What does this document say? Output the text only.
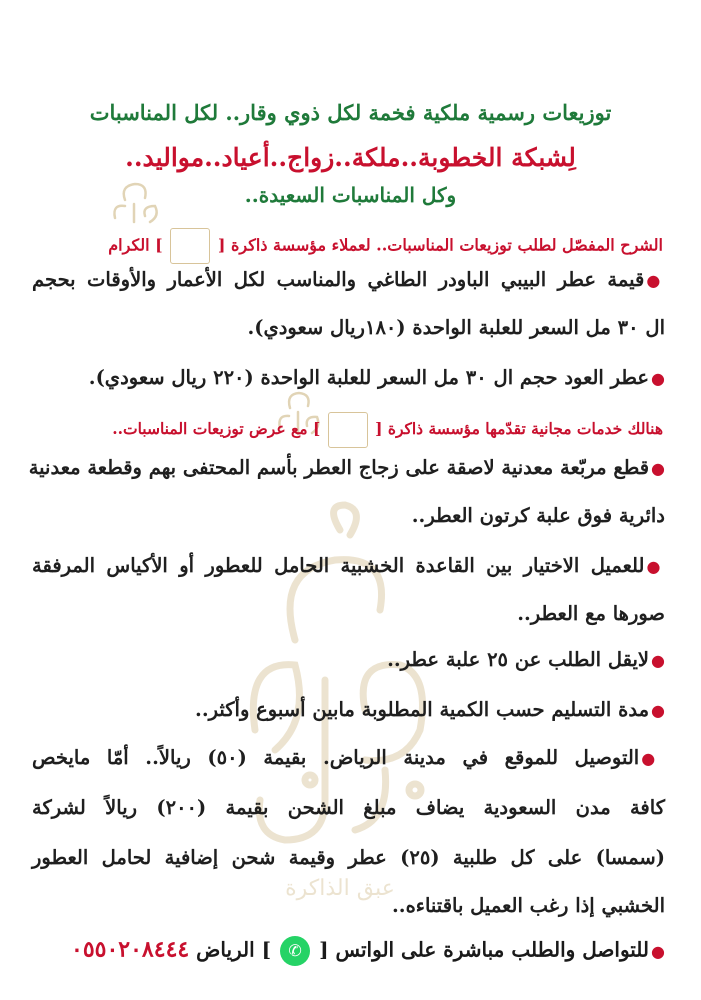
عبق الذاكرة
توزيعات رسمية ملكية فخمة لكل ذوي وقار.. لكل المناسبات
لِشبكة الخطوبة..ملكة..زواج..أعياد..مواليد..
وكل المناسبات السعيدة..
الشرح المفصّل لطلب توزيعات المناسبات.. لعملاء مؤسسة ذاكرة [  ] الكرام
●قيمة عطر البيبي الباودر الطاغي والمناسب لكل الأعمار والأوقات بحجم
ال ٣٠ مل السعر للعلبة الواحدة (١٨٠ريال سعودي).
●عطر العود حجم ال ٣٠ مل السعر للعلبة الواحدة (٢٢٠ ريال سعودي).
هنالك خدمات مجانية تقدّمها مؤسسة ذاكرة [  ] مع عرض توزيعات المناسبات..
●قطع مربّعة معدنية لاصقة على زجاج العطر بأسم المحتفى بهم وقطعة معدنية
دائرية فوق علبة كرتون العطر..
●للعميل الاختيار بين القاعدة الخشبية الحامل للعطور أو الأكياس المرفقة
صورها مع العطر..
●لايقل الطلب عن ٢٥ علبة عطر..
●مدة التسليم حسب الكمية المطلوبة مابين أسبوع وأكثر..
●التوصيل للموقع في مدينة الرياض. بقيمة (٥٠) ريالاً.. أمّا مايخص
كافة مدن السعودية يضاف مبلغ الشحن بقيمة (٢٠٠) ريالاً لشركة
(سمسا) على كل طلبية (٢٥) عطر وقيمة شحن إضافية لحامل العطور
الخشبي إذا رغب العميل باقتناءه..
●للتواصل والطلب مباشرة على الواتس [ ✆ ] الرياض ٠٥٥٠٢٠٨٤٤٤
